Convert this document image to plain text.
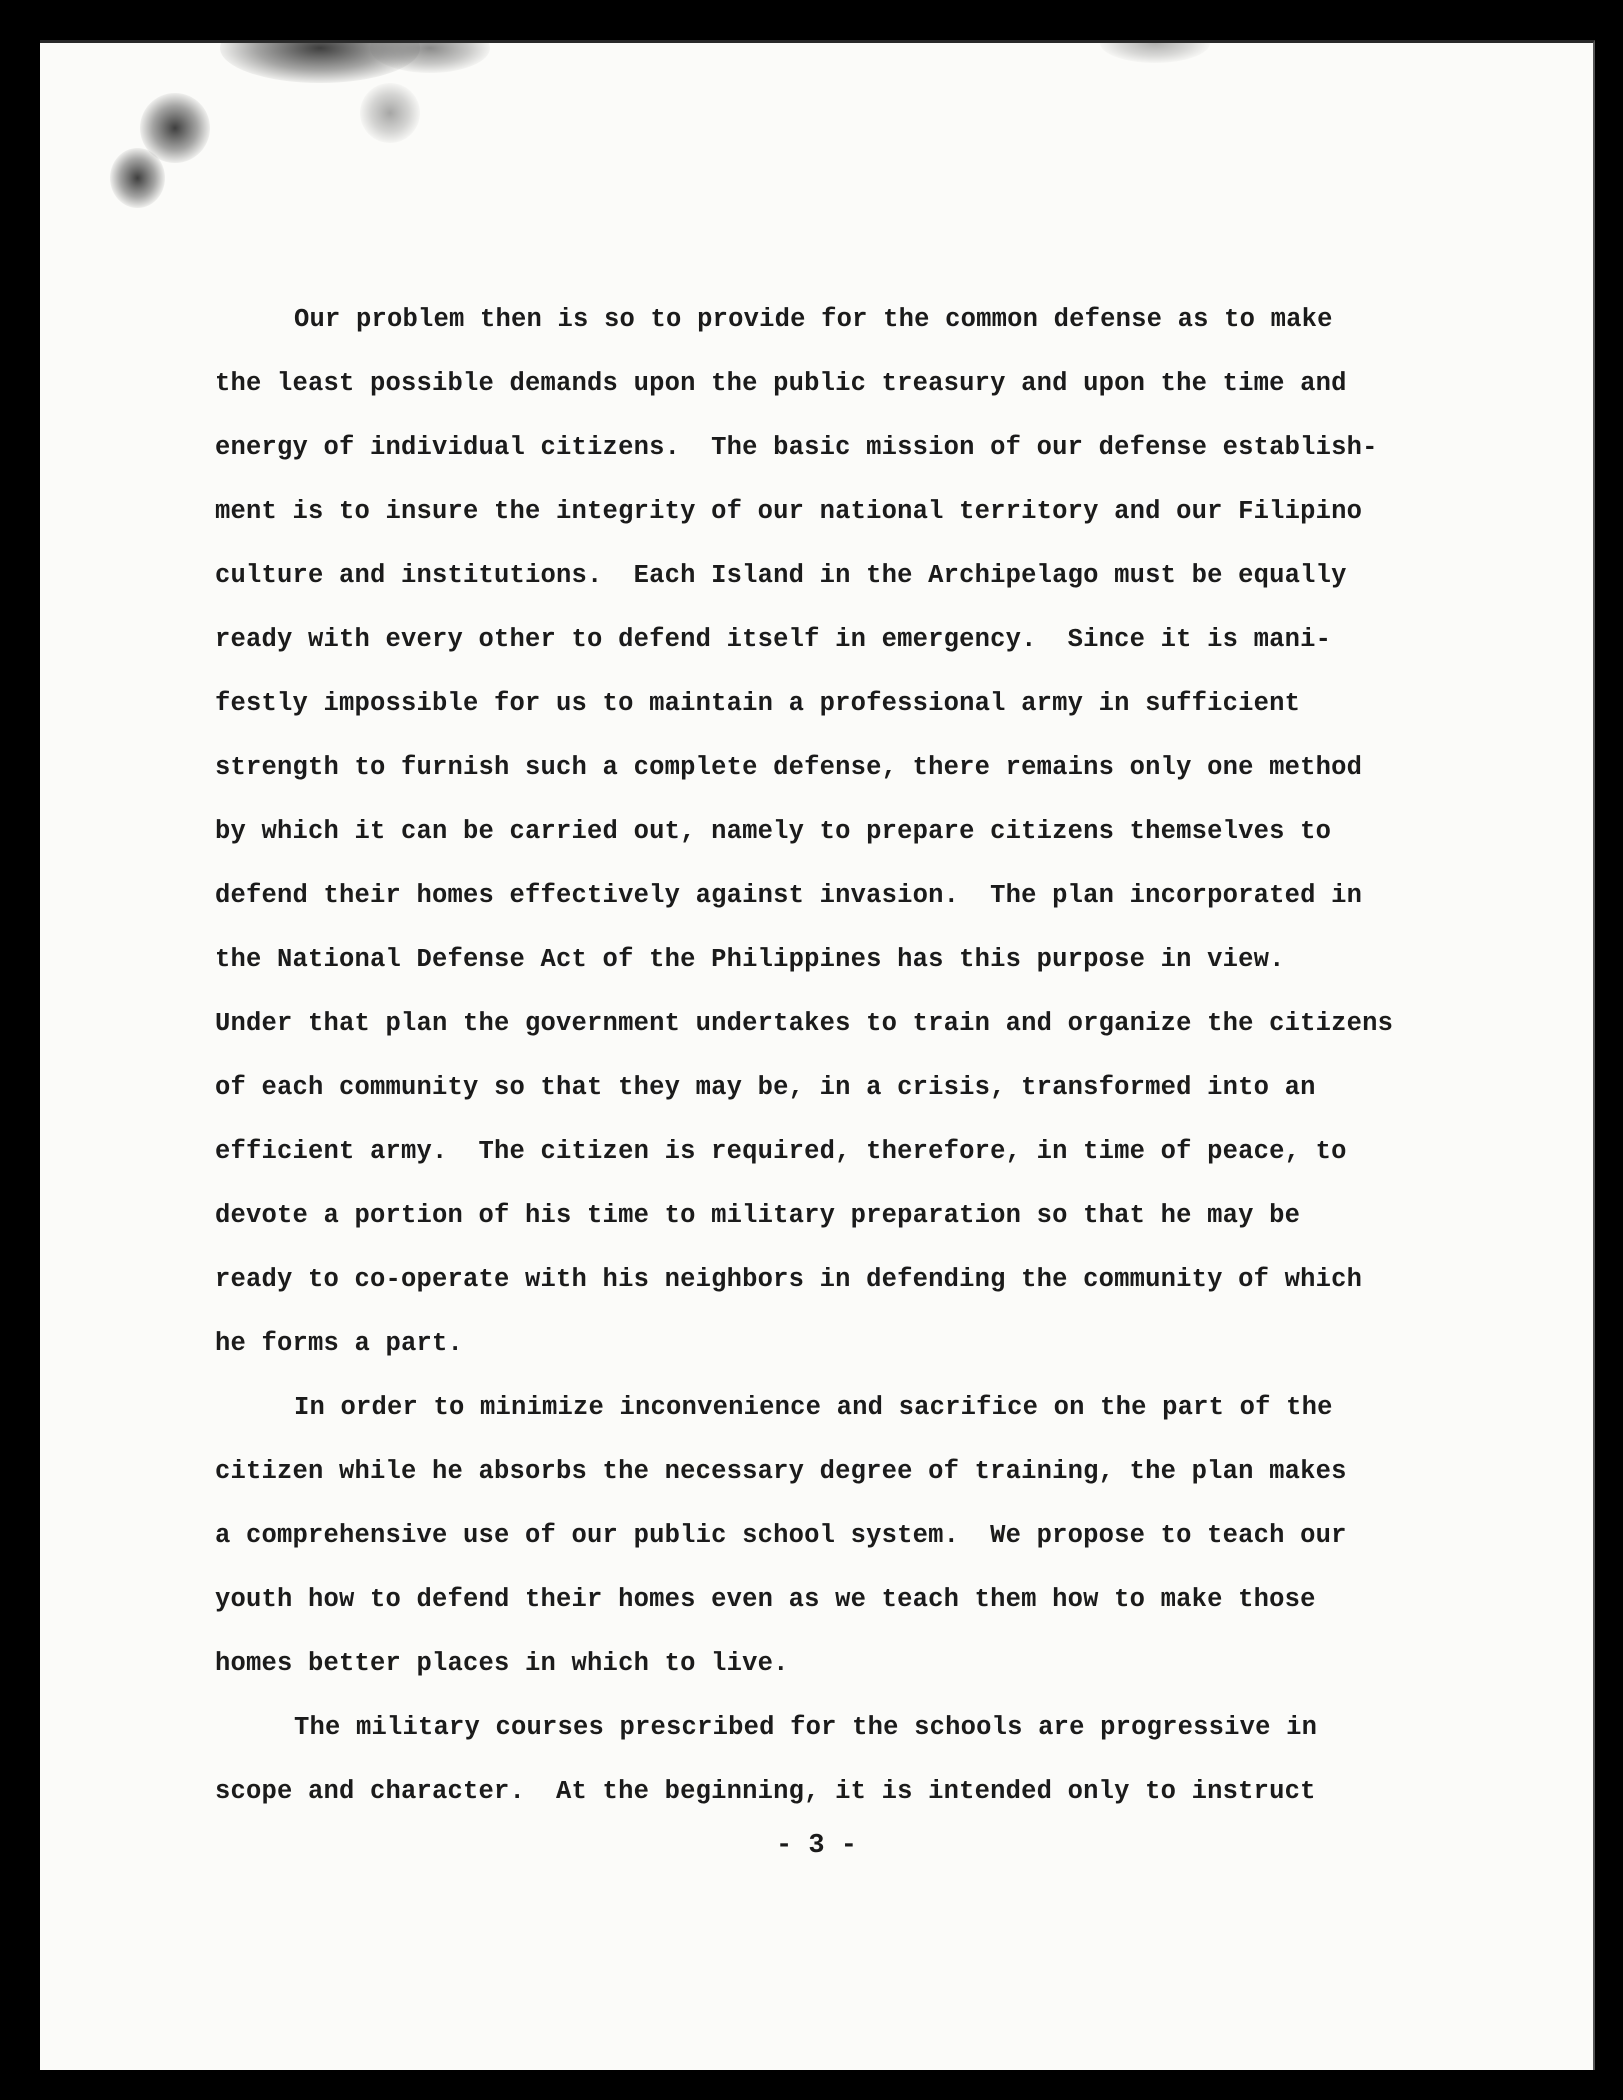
Our problem then is so to provide for the common defense as to make
the least possible demands upon the public treasury and upon the time and
energy of individual citizens.  The basic mission of our defense establish-
ment is to insure the integrity of our national territory and our Filipino
culture and institutions.  Each Island in the Archipelago must be equally
ready with every other to defend itself in emergency.  Since it is mani-
festly impossible for us to maintain a professional army in sufficient
strength to furnish such a complete defense, there remains only one method
by which it can be carried out, namely to prepare citizens themselves to
defend their homes effectively against invasion.  The plan incorporated in
the National Defense Act of the Philippines has this purpose in view.
Under that plan the government undertakes to train and organize the citizens
of each community so that they may be, in a crisis, transformed into an
efficient army.  The citizen is required, therefore, in time of peace, to
devote a portion of his time to military preparation so that he may be
ready to co-operate with his neighbors in defending the community of which
he forms a part.
In order to minimize inconvenience and sacrifice on the part of the
citizen while he absorbs the necessary degree of training, the plan makes
a comprehensive use of our public school system.  We propose to teach our
youth how to defend their homes even as we teach them how to make those
homes better places in which to live.
The military courses prescribed for the schools are progressive in
scope and character.  At the beginning, it is intended only to instruct
- 3 -
